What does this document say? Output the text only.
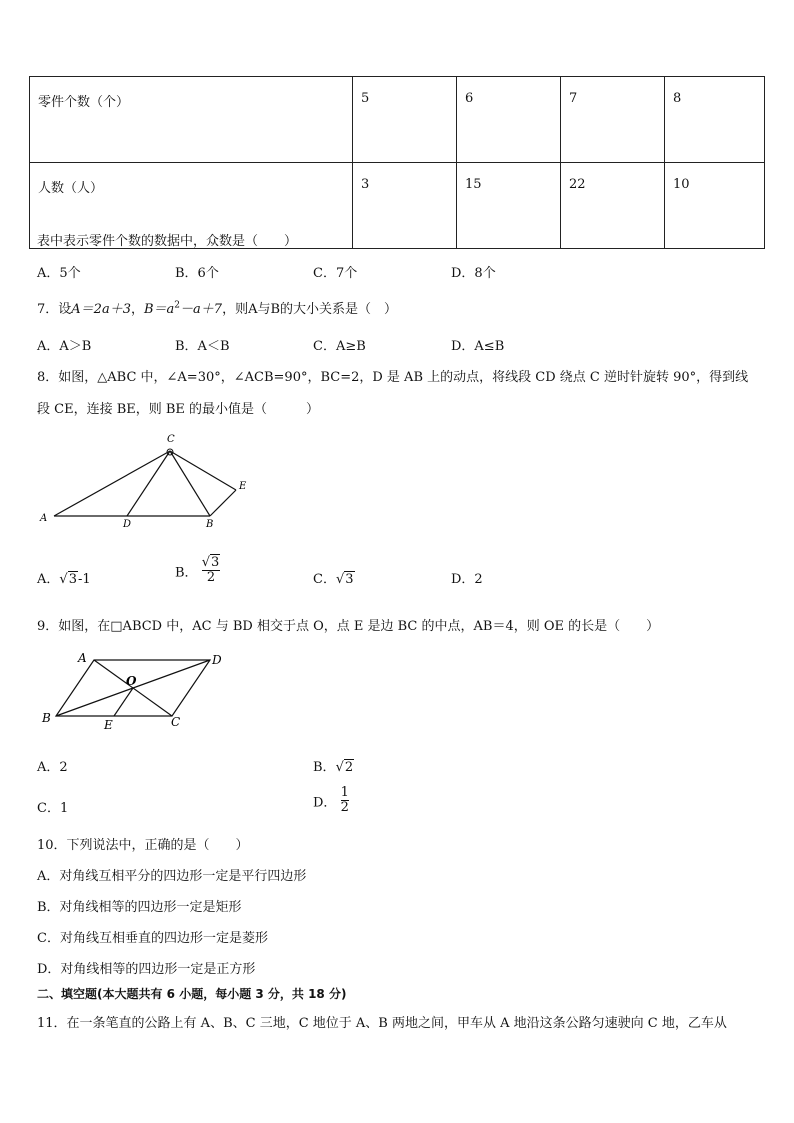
零件个数（个）	5	6	7	8
人数（人）	3	15	22	10
表中表示零件个数的数据中，众数是（　　）
A．5个	B．6个	C．7个	D．8个
7．设A＝2a＋3，$B=a^2-a+7$，则A与B的大小关系是（　）
A．A＞B	B．A＜B	C．A≥B	D．A≤B
8．如图，△ABC 中，∠A=30°，∠ACB=90°，BC=2，D 是 AB 上的动点，将线段 CD 绕点 C 逆时针旋转 90°，得到线
段 CE，连接 BE，则 BE 的最小值是（　　　）
A
C
D	B
E
A．√3-1	B． $\frac{√3}{2}$	C．√3	D．2
9．如图，在□ABCD 中，AC 与 BD 相交于点 O，点 E 是边 BC 的中点，AB＝4，则 OE 的长是（　　）
A	D
B	C
O
E
A．2	B．√2
C．1	D． $\frac{1}{2}$
10．下列说法中，正确的是（　　）
A．对角线互相平分的四边形一定是平行四边形
B．对角线相等的四边形一定是矩形
C．对角线互相垂直的四边形一定是菱形
D．对角线相等的四边形一定是正方形
二、填空题(本大题共有 6 小题，每小题 3 分，共 18 分)
11．在一条笔直的公路上有 A、B、C 三地，C 地位于 A、B 两地之间，甲车从 A 地沿这条公路匀速驶向 C 地，乙车从
